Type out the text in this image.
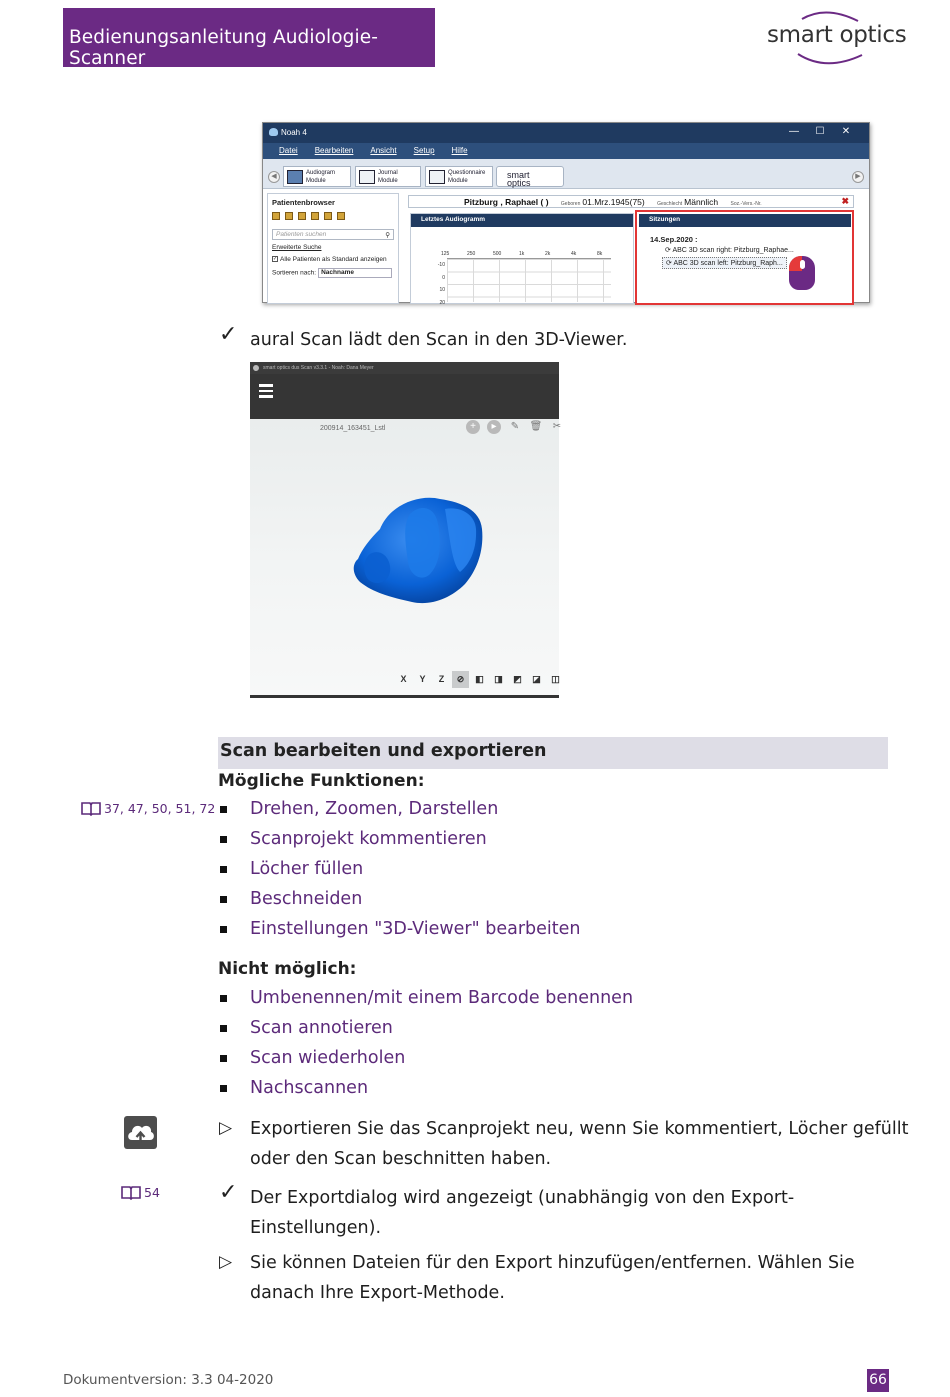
Bedienungsanleitung Audiologie-Scanner
smart optics
Noah 4	— ☐ ✕
Datei Bearbeiten Ansicht Setup Hilfe
◀	Audiogram
Module
Journal
Module
Questionnaire
Module
smart optics
▶
Patientenbrowser
Patienten suchen	⚲
Erweiterte Suche
✓ Alle Patienten als Standard anzeigen
Sortieren nach: Nachname
Pitzburg , Raphael ( ) Geboren 01.Mrz.1945(75) Geschlecht Männlich Soz.-Vers.-Nr.	✖
Letztes Audiogramm
125	250	500	1k	2k	4k	8k
-10
0
10
20
Sitzungen
14.Sep.2020 :
⟳ ABC 3D scan right: Pitzburg_Raphae...
⟳ ABC 3D scan left: Pitzburg_Raph...
✓ aural Scan lädt den Scan in den 3D-Viewer.
smart optics dus Scan v3.3.1 - Noah: Dana Meyer
200914_163451_Lstl	+ ▸ ✎ 🗑 ✂
X Y Z ⊘ ◧ ◨ ◩ ◪ ◫
Scan bearbeiten und exportieren
Mögliche Funktionen:
37, 47, 50, 51, 72 Drehen, Zoomen, Darstellen
Scanprojekt kommentieren
Löcher füllen
Beschneiden
Einstellungen "3D-Viewer" bearbeiten
Nicht möglich:
Umbenennen/mit einem Barcode benennen
Scan annotieren
Scan wiederholen
Nachscannen
▷ Exportieren Sie das Scanprojekt neu, wenn Sie kommentiert, Löcher gefüllt
oder den Scan beschnitten haben.
54	✓ Der Exportdialog wird angezeigt (unabhängig von den Export-
Einstellungen).
▷ Sie können Dateien für den Export hinzufügen/entfernen. Wählen Sie
danach Ihre Export-Methode.
Dokumentversion: 3.3 04-2020	66
